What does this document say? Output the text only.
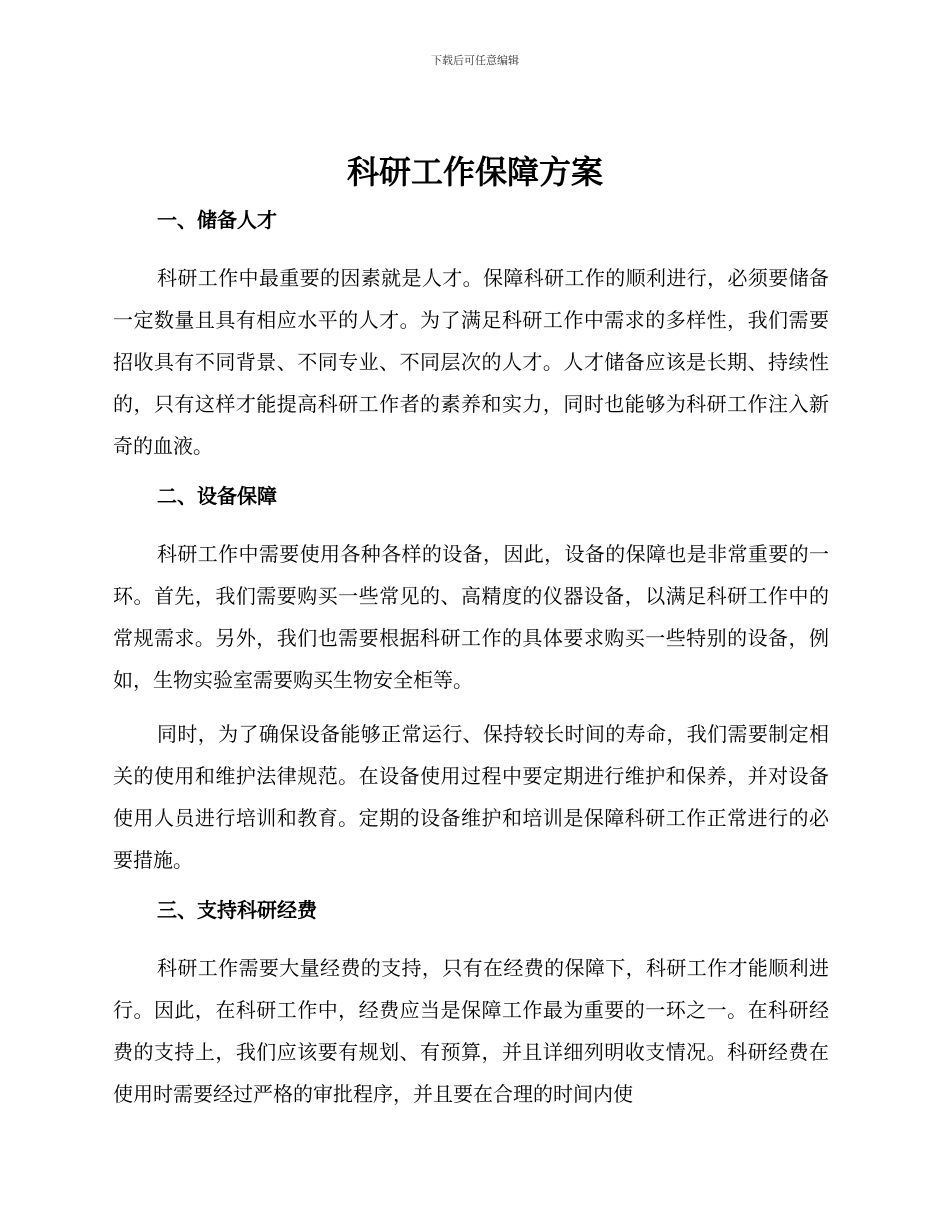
下载后可任意编辑
科研工作保障方案
一、储备人才

科研工作中最重要的因素就是人才。保障科研工作的顺利进行，必须要储备一定数量且具有相应水平的人才。为了满足科研工作中需求的多样性，我们需要招收具有不同背景、不同专业、不同层次的人才。人才储备应该是长期、持续性的，只有这样才能提高科研工作者的素养和实力，同时也能够为科研工作注入新奇的血液。

二、设备保障

科研工作中需要使用各种各样的设备，因此，设备的保障也是非常重要的一环。首先，我们需要购买一些常见的、高精度的仪器设备，以满足科研工作中的常规需求。另外，我们也需要根据科研工作的具体要求购买一些特别的设备，例如，生物实验室需要购买生物安全柜等。

同时，为了确保设备能够正常运行、保持较长时间的寿命，我们需要制定相关的使用和维护法律规范。在设备使用过程中要定期进行维护和保养，并对设备使用人员进行培训和教育。定期的设备维护和培训是保障科研工作正常进行的必要措施。

三、支持科研经费

科研工作需要大量经费的支持，只有在经费的保障下，科研工作才能顺利进行。因此，在科研工作中，经费应当是保障工作最为重要的一环之一。在科研经费的支持上，我们应该要有规划、有预算，并且详细列明收支情况。科研经费在使用时需要经过严格的审批程序，并且要在合理的时间内使
